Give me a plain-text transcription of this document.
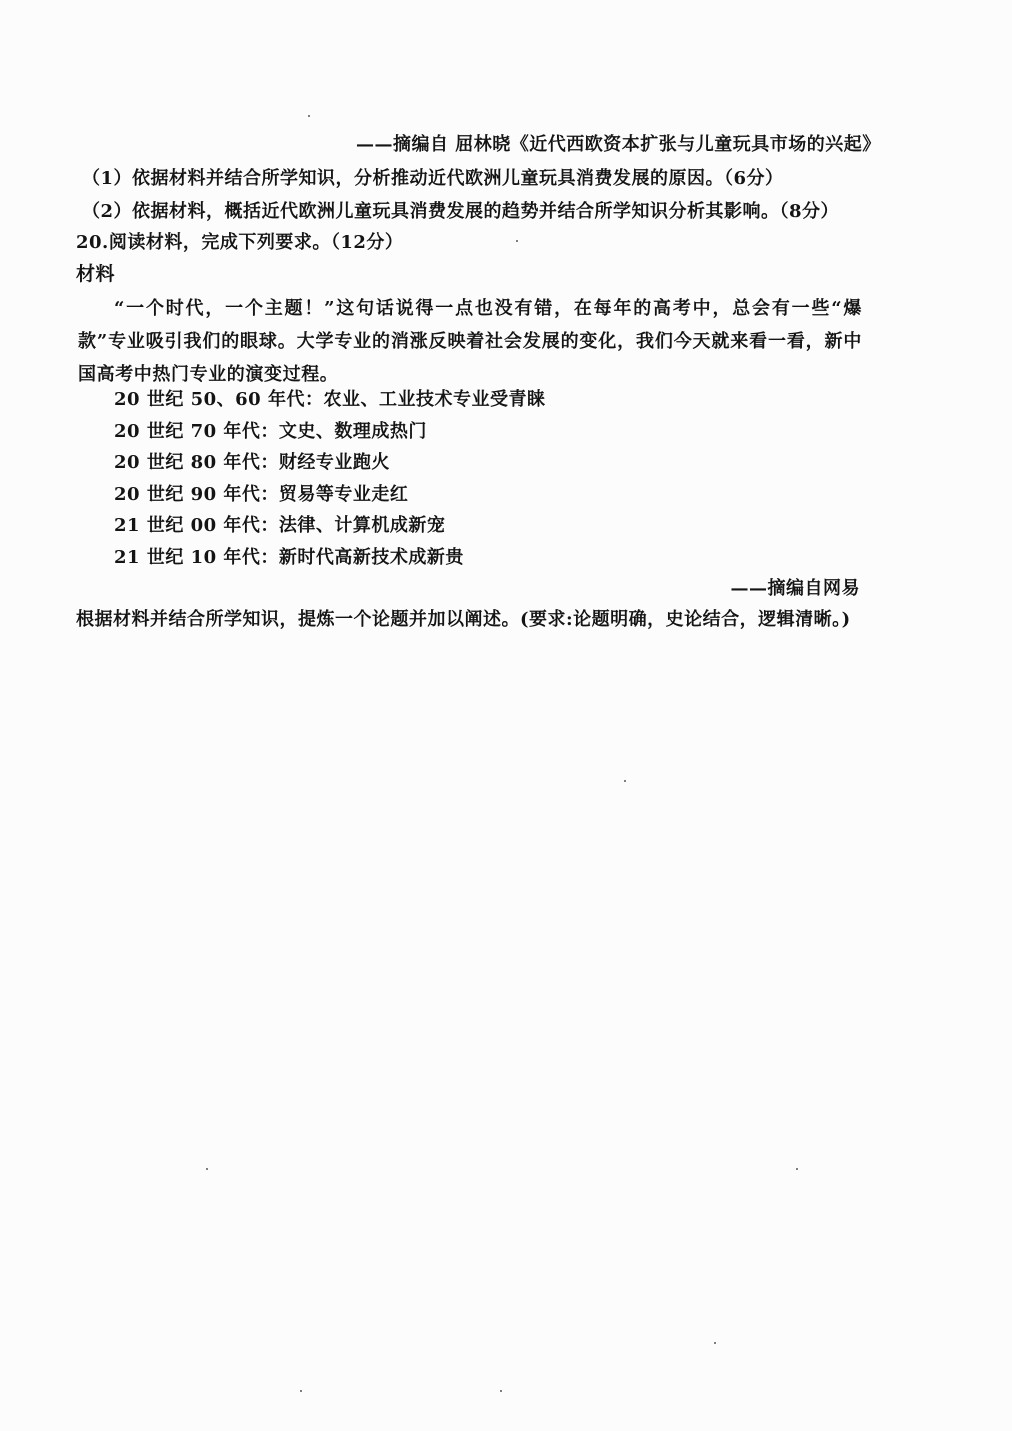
——摘编自 屈林晓《近代西欧资本扩张与儿童玩具市场的兴起》
（1）依据材料并结合所学知识，分析推动近代欧洲儿童玩具消费发展的原因。（6分）
（2）依据材料，概括近代欧洲儿童玩具消费发展的趋势并结合所学知识分析其影响。（8分）
20.阅读材料，完成下列要求。（12分）
材料
“一个时代，一个主题！”这句话说得一点也没有错，在每年的高考中，总会有一些“爆款”专业吸引我们的眼球。大学专业的消涨反映着社会发展的变化，我们今天就来看一看，新中国高考中热门专业的演变过程。
20 世纪 50、60 年代：农业、工业技术专业受青睐
20 世纪 70 年代：文史、数理成热门
20 世纪 80 年代：财经专业跑火
20 世纪 90 年代：贸易等专业走红
21 世纪 00 年代：法律、计算机成新宠
21 世纪 10 年代：新时代高新技术成新贵
——摘编自网易
根据材料并结合所学知识，提炼一个论题并加以阐述。(要求:论题明确，史论结合，逻辑清晰。)
